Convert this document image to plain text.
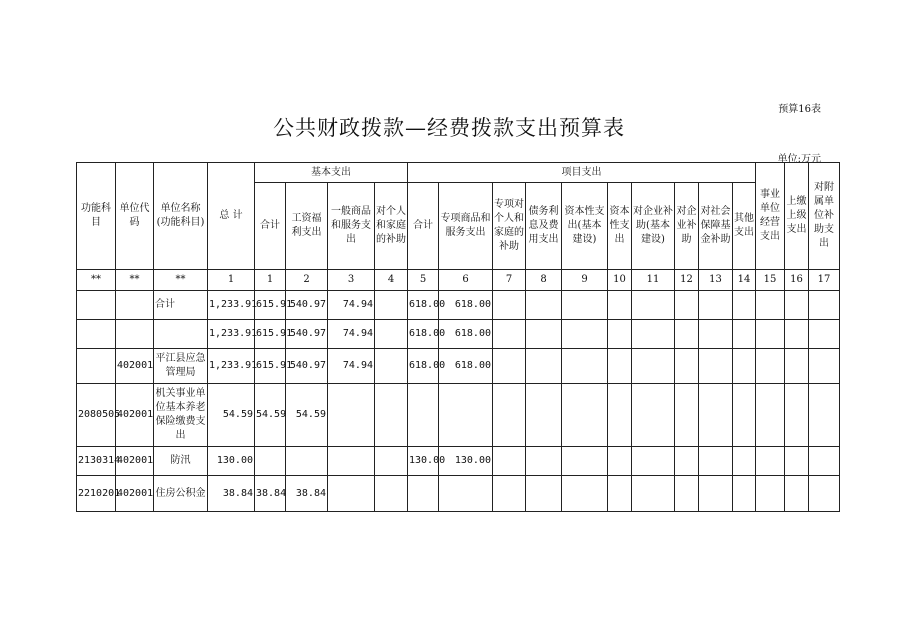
预算16表
公共财政拨款—经费拨款支出预算表
单位:万元
功能科目	单位代码	单位名称(功能科目)	总 计	基本支出				项目支出										事业单位经营支出	上缴上级支出	对附属单位补助支出
				合计	工资福利支出	一般商品和服务支出	对个人和家庭的补助	合计	专项商品和服务支出	专项对个人和家庭的补助	债务利息及费用支出	资本性支出(基本建设)	资本性支出	对企业补助(基本建设)	对企业补助	对社会保障基金补助	其他支出			
**	**	**	1	1	2	3	4	5	6	7	8	9	10	11	12	13	14	15	16	17
		合计	1,233.91	615.91	540.97	74.94		618.00	618.00											
			1,233.91	615.91	540.97	74.94		618.00	618.00											
	402001	平江县应急管理局	1,233.91	615.91	540.97	74.94		618.00	618.00											
2080505	402001	机关事业单位基本养老保险缴费支出	54.59	54.59	54.59															
2130314	402001	防汛	130.00					130.00	130.00											
2210201	402001	住房公积金	38.84	38.84	38.84															
